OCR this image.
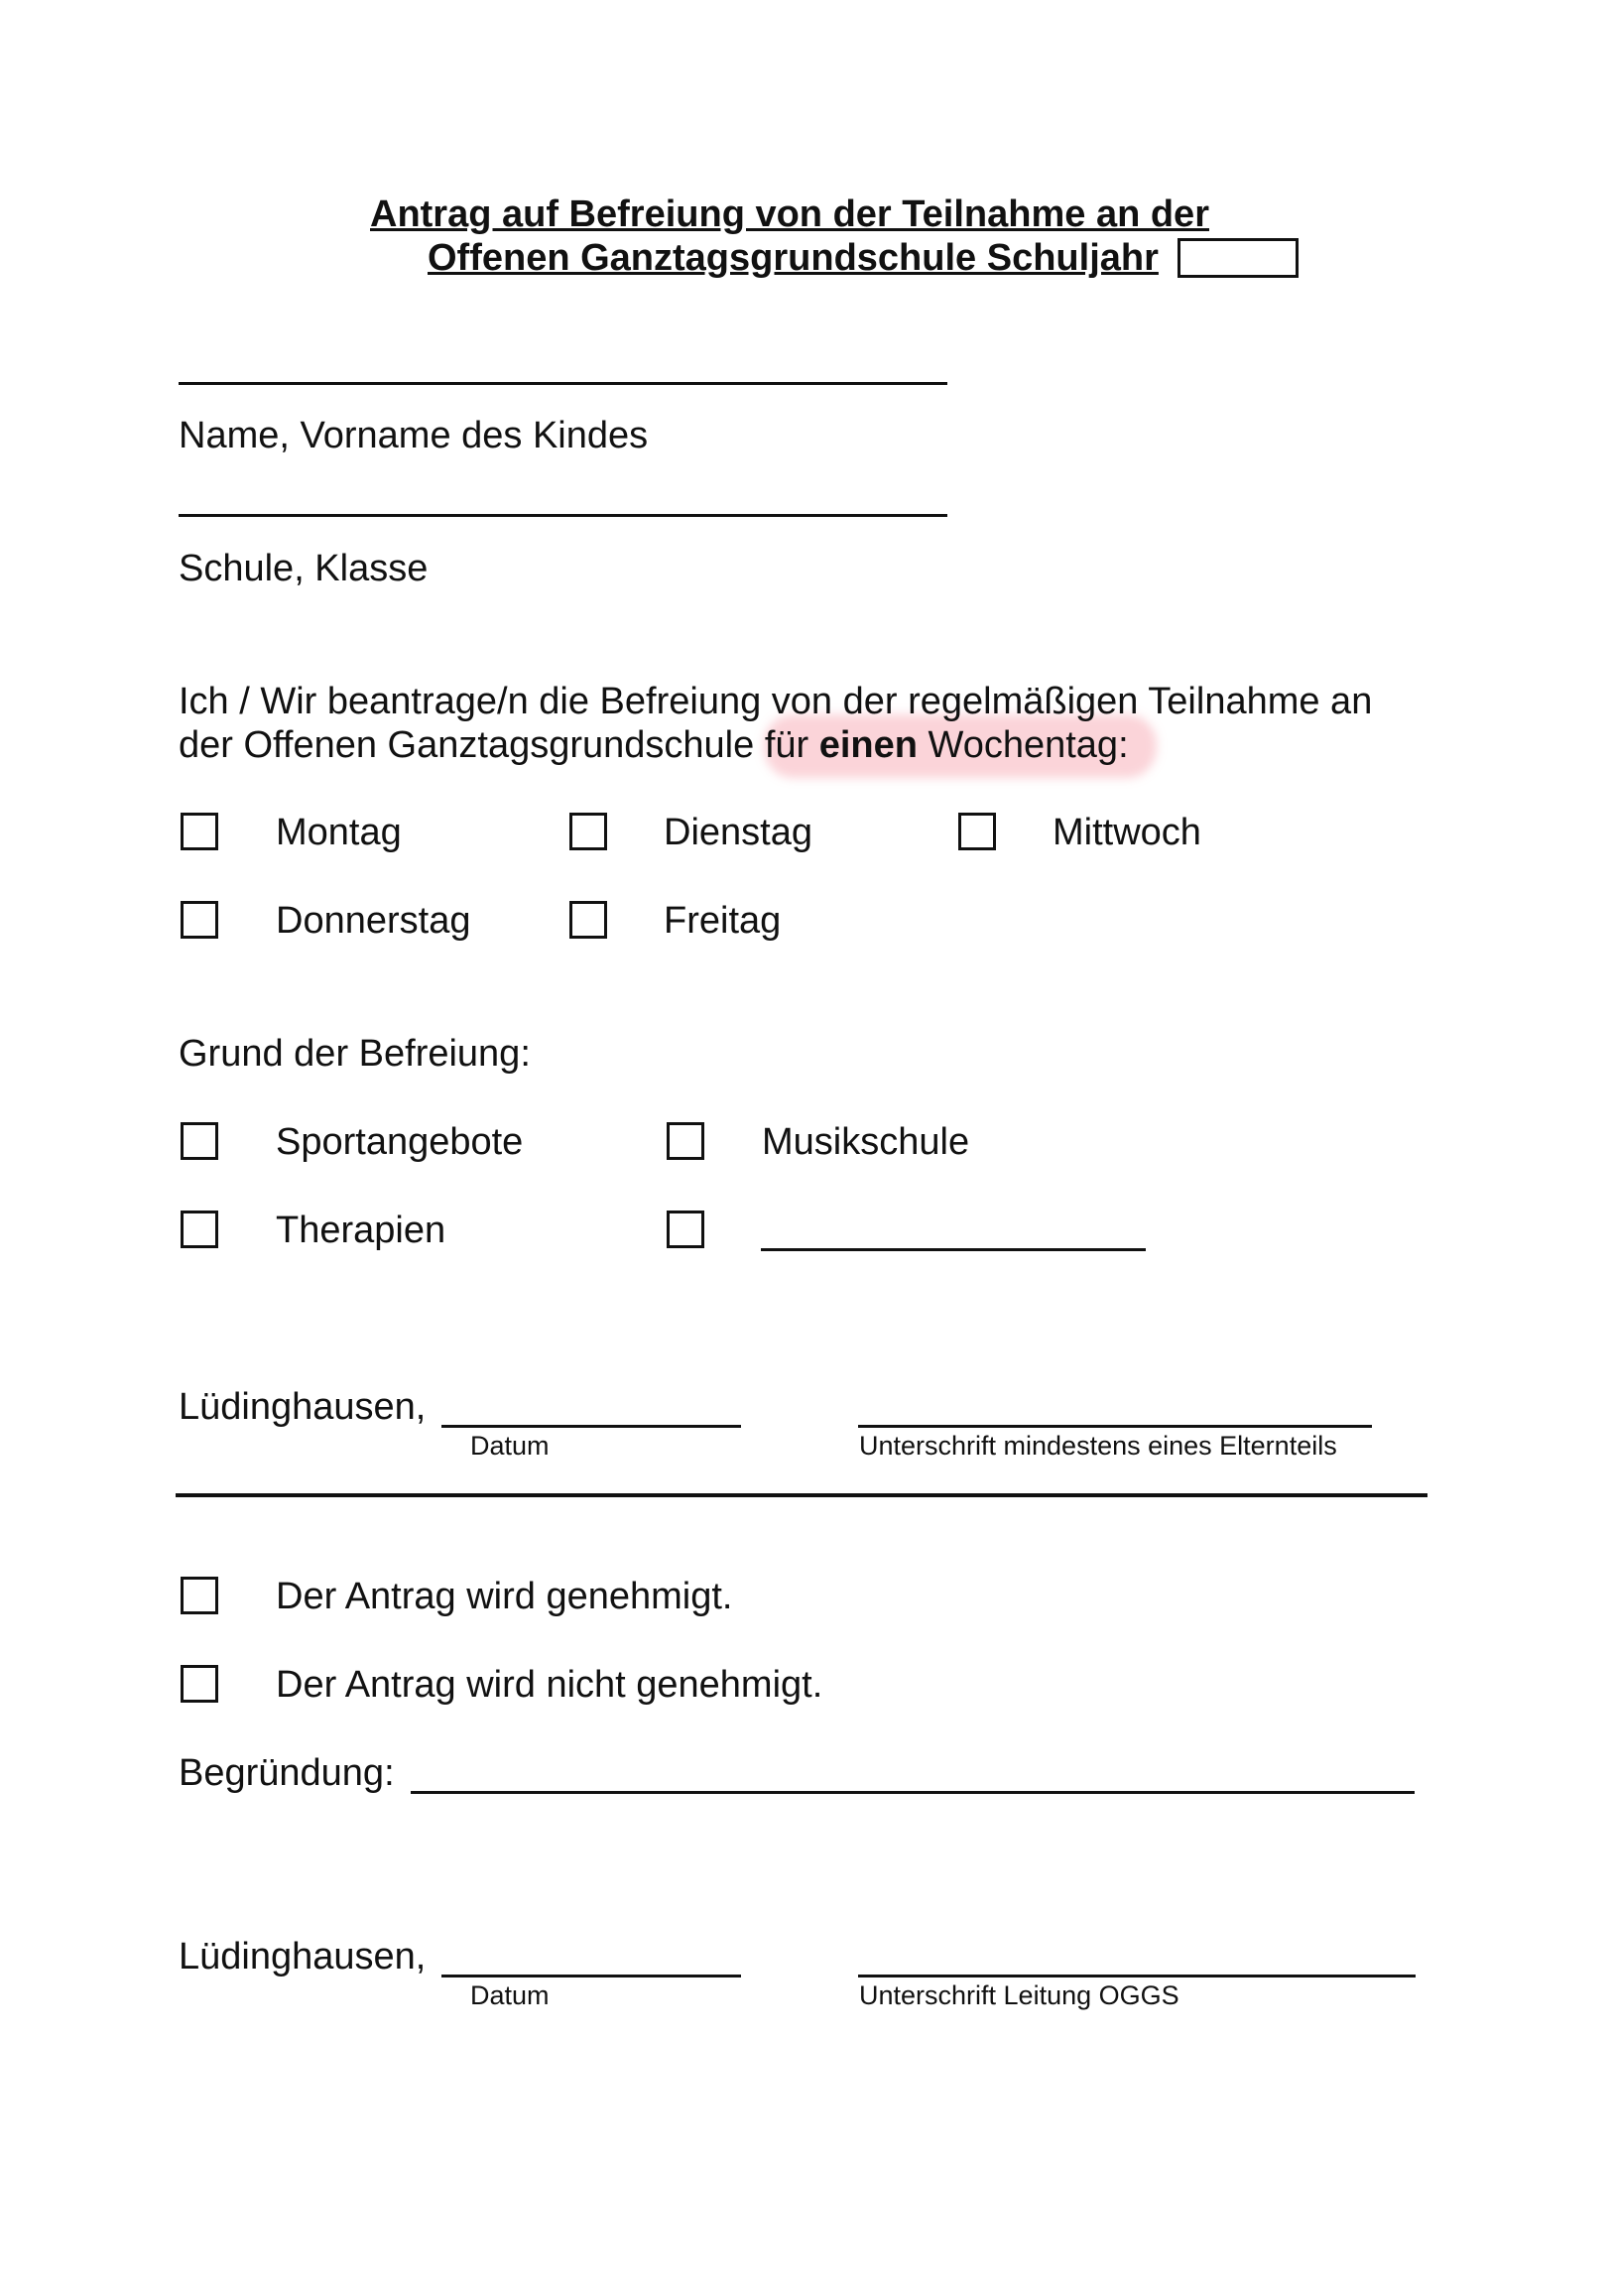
Antrag auf Befreiung von der Teilnahme an der
Offenen Ganztagsgrundschule Schuljahr
Name, Vorname des Kindes
Schule, Klasse
Ich / Wir beantrage/n die Befreiung von der regelmäßigen Teilnahme an
der Offenen Ganztagsgrundschule für einen Wochentag:
Montag	Dienstag	Mittwoch
Donnerstag	Freitag
Grund der Befreiung:
Sportangebote	Musikschule
Therapien
Lüdinghausen,
Datum	Unterschrift mindestens eines Elternteils
Der Antrag wird genehmigt.
Der Antrag wird nicht genehmigt.
Begründung:
Lüdinghausen,
Datum	Unterschrift Leitung OGGS
